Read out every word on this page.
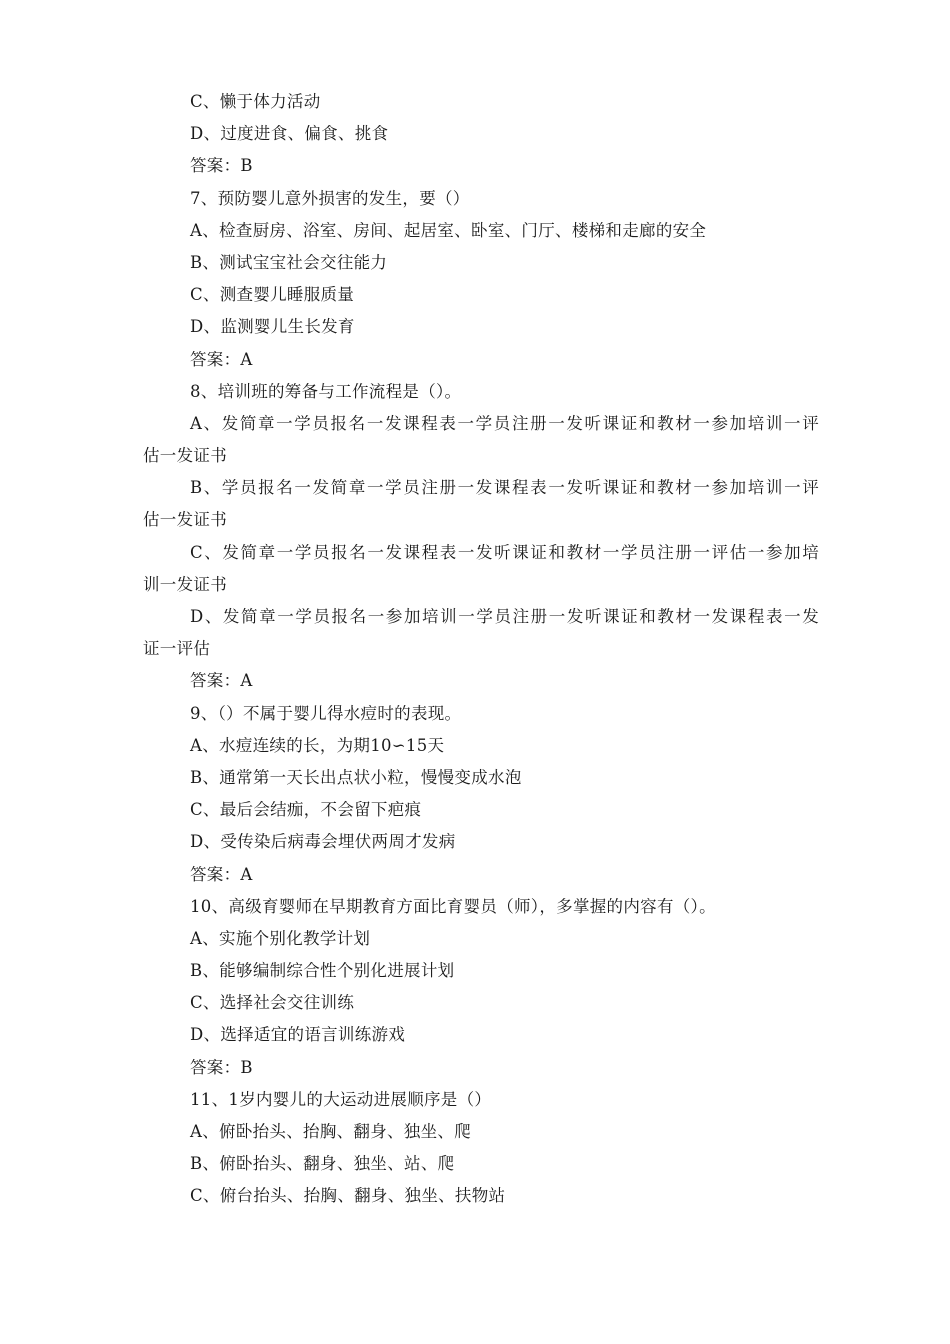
C、懒于体力活动
D、过度进食、偏食、挑食
答案：B
7、预防婴儿意外损害的发生，要（）
A、检查厨房、浴室、房间、起居室、卧室、门厅、楼梯和走廊的安全
B、测试宝宝社会交往能力
C、测查婴儿睡服质量
D、监测婴儿生长发育
答案：A
8、培训班的筹备与工作流程是（）。
A、发简章一学员报名一发课程表一学员注册一发听课证和教材一参加培训一评
估一发证书
B、学员报名一发简章一学员注册一发课程表一发听课证和教材一参加培训一评
估一发证书
C、发简章一学员报名一发课程表一发听课证和教材一学员注册一评估一参加培
训一发证书
D、发简章一学员报名一参加培训一学员注册一发听课证和教材一发课程表一发
证一评估
答案：A
9、（）不属于婴儿得水痘时的表现。
A、水痘连续的长，为期10∽15天
B、通常第一天长出点状小粒，慢慢变成水泡
C、最后会结痂，不会留下疤痕
D、受传染后病毒会埋伏两周才发病
答案：A
10、高级育婴师在早期教育方面比育婴员（师），多掌握的内容有（）。
A、实施个别化教学计划
B、能够编制综合性个别化进展计划
C、选择社会交往训练
D、选择适宜的语言训练游戏
答案：B
11、1岁内婴儿的大运动进展顺序是（）
A、俯卧抬头、抬胸、翻身、独坐、爬
B、俯卧抬头、翻身、独坐、站、爬
C、俯台抬头、抬胸、翻身、独坐、扶物站
